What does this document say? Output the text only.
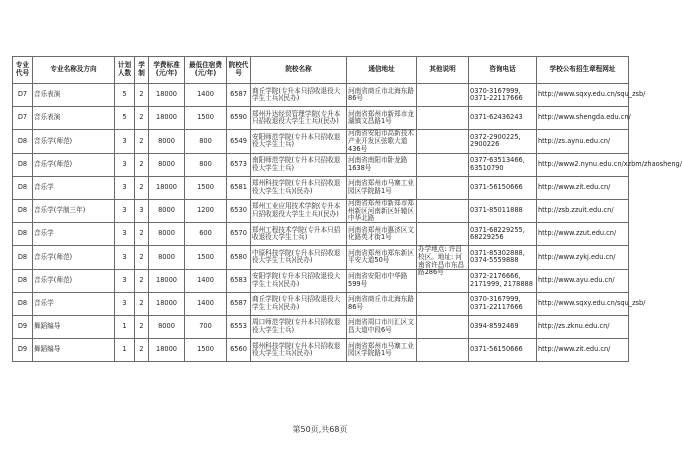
专业代号	专业名称及方向	计划人数	学制	学费标准(元/年)	最低住宿费(元/年)	院校代号	院校名称	通信地址	其他说明	咨询电话	学校公布招生章程网址

D7	音乐表演	5	2	18000	1400	6587	商丘学院(专升本只招收退役大学生士兵)(民办)	河南省商丘市北海东路86号		0370-3167999, 0371-22117666	http://www.sqxy.edu.cn/squ_zsb/

D7	音乐表演	5	2	18000	1500	6590	郑州升达经贸管理学院(专升本只招收退役大学生士兵)(民办)	河南省郑州市新郑市龙湖镇文昌路1号		0371-62436243	http://www.shengda.edu.cn/

D8	音乐学(师范)	3	2	8000	800	6549	安阳师范学院(专升本只招收退役大学生士兵)	河南省安阳市高新技术产业开发区弦歌大道436号		0372-2900225, 2900226	http://zs.aynu.edu.cn/

D8	音乐学(师范)	3	2	8000	800	6573	南阳师范学院(专升本只招收退役大学生士兵)	河南省南阳市卧龙路1638号		0377-63513466, 63510790	http://www2.nynu.edu.cn/xzbm/zhaosheng/

D8	音乐学	3	2	18000	1500	6581	郑州科技学院(专升本只招收退役大学生士兵)(民办)	河南省郑州市马寨工业园区学院路1号		0371-56150666	http://www.zit.edu.cn/

D8	音乐学(学制三年)	3	3	8000	1200	6530	郑州工业应用技术学院(专升本只招收退役大学生士兵)(民办)	河南省郑州市新郑市郑州新区河南新区轩辕区中华北路		0371-85011888	http://zsb.zzuit.edu.cn/

D8	音乐学	3	2	8000	600	6570	郑州工程技术学院(专升本只招收退役大学生士兵)	河南省郑州市惠济区文化路英才街1号		0371-68229255, 68229256	http://www.zzut.edu.cn/

D8	音乐学(师范)	3	2	8000	1500	6580	中原科技学院(专升本只招收退役大学生士兵)(民办)	河南省郑州市郑东新区平安大道50号	办学地点: 许昌校区。地址: 河南省许昌市东昌路286号	0371-85302888, 0374-5559888	http://www.zykj.edu.cn/

D8	音乐学(师范)	3	2	18000	1400	6583	安阳学院(专升本只招收退役大学生士兵)(民办)	河南省安阳市中华路599号		0372-2176666, 2171999, 2178888	http://www.ayu.edu.cn/

D8	音乐学	3	2	18000	1400	6587	商丘学院(专升本只招收退役大学生士兵)(民办)	河南省商丘市北海东路86号		0370-3167999, 0371-22117666	http://www.sqxy.edu.cn/squ_zsb/

D9	舞蹈编导	1	2	8000	700	6553	周口师范学院(专升本只招收退役大学生士兵)	河南省周口市川汇区文昌大道中段6号		0394-8592469	http://zs.zknu.edu.cn/

D9	舞蹈编导	1	2	18000	1500	6560	郑州科技学院(专升本只招收退役大学生士兵)(民办)	河南省郑州市马寨工业园区学院路1号		0371-56150666	http://www.zit.edu.cn/
第50页,共68页
